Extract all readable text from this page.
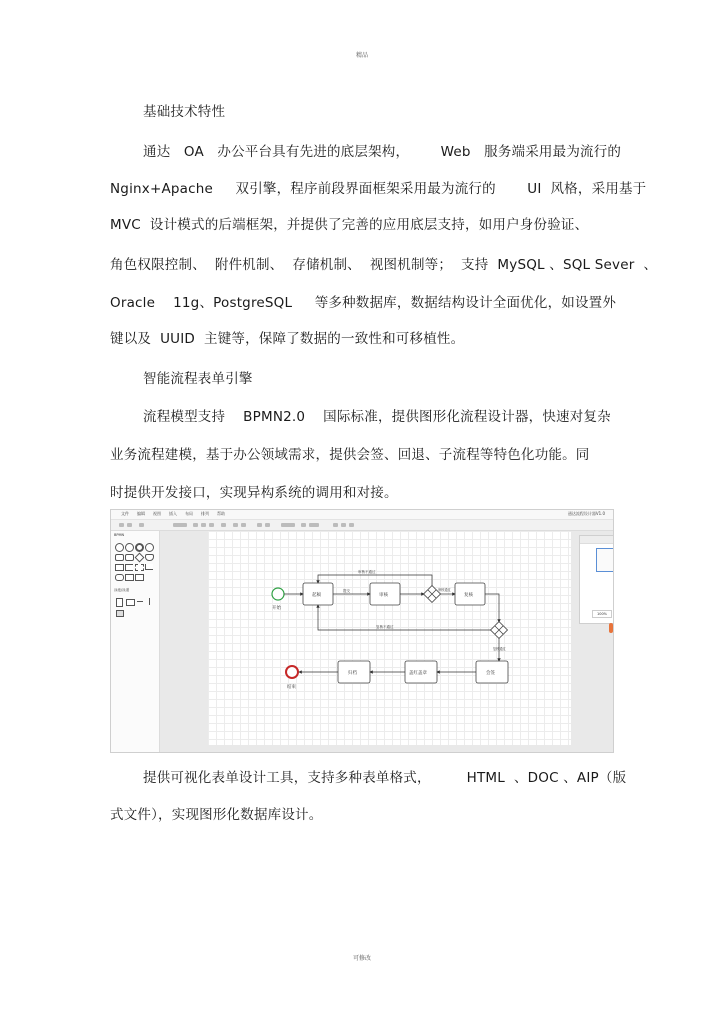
精品
基础技术特性
通达   OA   办公平台具有先进的底层架构，       Web   服务端采用最为流行的
Nginx+Apache     双引擎，程序前段界面框架采用最为流行的       UI  风格，采用基于
MVC  设计模式的后端框架，并提供了完善的应用底层支持，如用户身份验证、
角色权限控制、  附件机制、  存储机制、  视图机制等；  支持  MySQL 、SQL Sever  、
Oracle    11g、PostgreSQL     等多种数据库，数据结构设计全面优化，如设置外
键以及  UUID  主键等，保障了数据的一致性和可移植性。
智能流程表单引擎
流程模型支持    BPMN2.0    国际标准，提供图形化流程设计器，快速对复杂
业务流程建模，基于办公领域需求，提供会签、回退、子流程等特色化功能。同
时提供开发接口，实现异构系统的调用和对接。
文件 编辑 视图 插入 布局 排列 帮助	通达流程设计器V1.0
BPMN
泳池/泳道
开始
起稿	审核	复核
会签
盖红盖章
归档
结束
提交	审核通过
审核不通过
复核不通过
复核通过
100%
提供可视化表单设计工具，支持多种表单格式，        HTML  、DOC 、AIP（版
式文件），实现图形化数据库设计。
可修改
